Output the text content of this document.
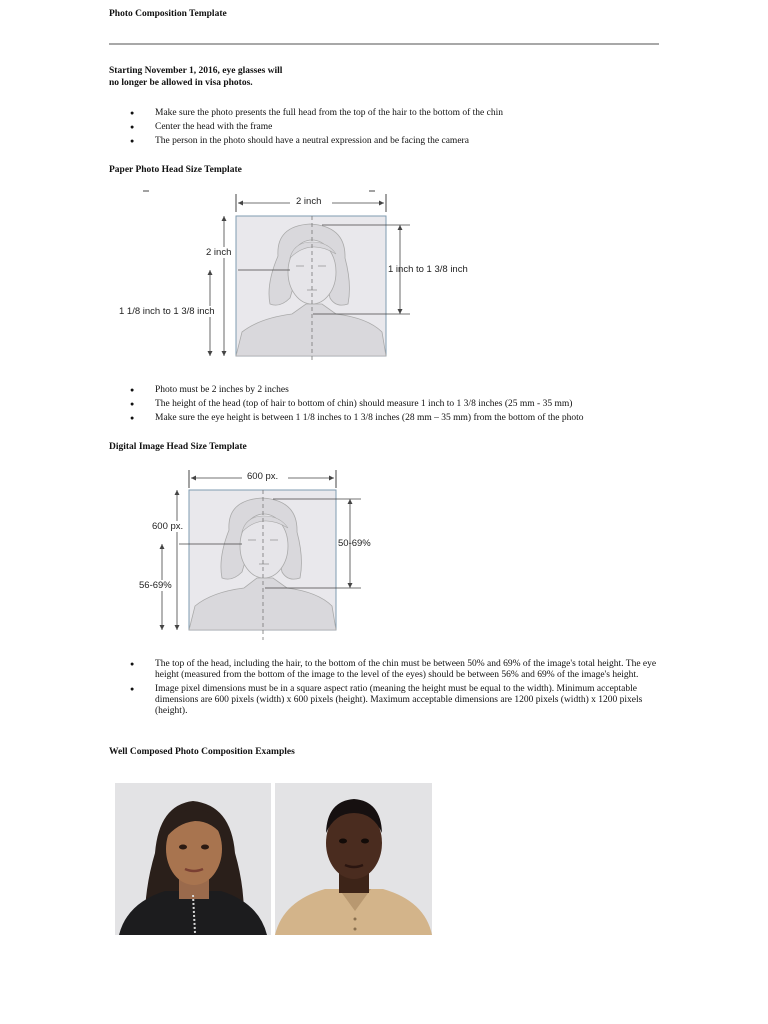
Photo Composition Template
Starting November 1, 2016, eye glasses will
no longer be allowed in visa photos.
● Make sure the photo presents the full head from the top of the hair to the bottom of the chin
● Center the head with the frame
● The person in the photo should have a neutral expression and be facing the camera
Paper Photo Head Size Template
2 inch
2 inch
1 inch to 1 3/8 inch
1 1/8 inch to 1 3/8 inch
● Photo must be 2 inches by 2 inches
● The height of the head (top of hair to bottom of chin) should measure 1 inch to 1 3/8 inches (25 mm - 35 mm)
● Make sure the eye height is between 1 1/8 inches to 1 3/8 inches (28 mm – 35 mm) from the bottom of the photo
Digital Image Head Size Template
600 px.
600 px.
50-69%
56-69%
● The top of the head, including the hair, to the bottom of the chin must be between 50% and 69% of the image's total height. The eye height (measured from the bottom of the image to the level of the eyes) should be between 56% and 69% of the image's height.
● Image pixel dimensions must be in a square aspect ratio (meaning the height must be equal to the width). Minimum acceptable dimensions are 600 pixels (width) x 600 pixels (height). Maximum acceptable dimensions are 1200 pixels (width) x 1200 pixels (height).
Well Composed Photo Composition Examples
